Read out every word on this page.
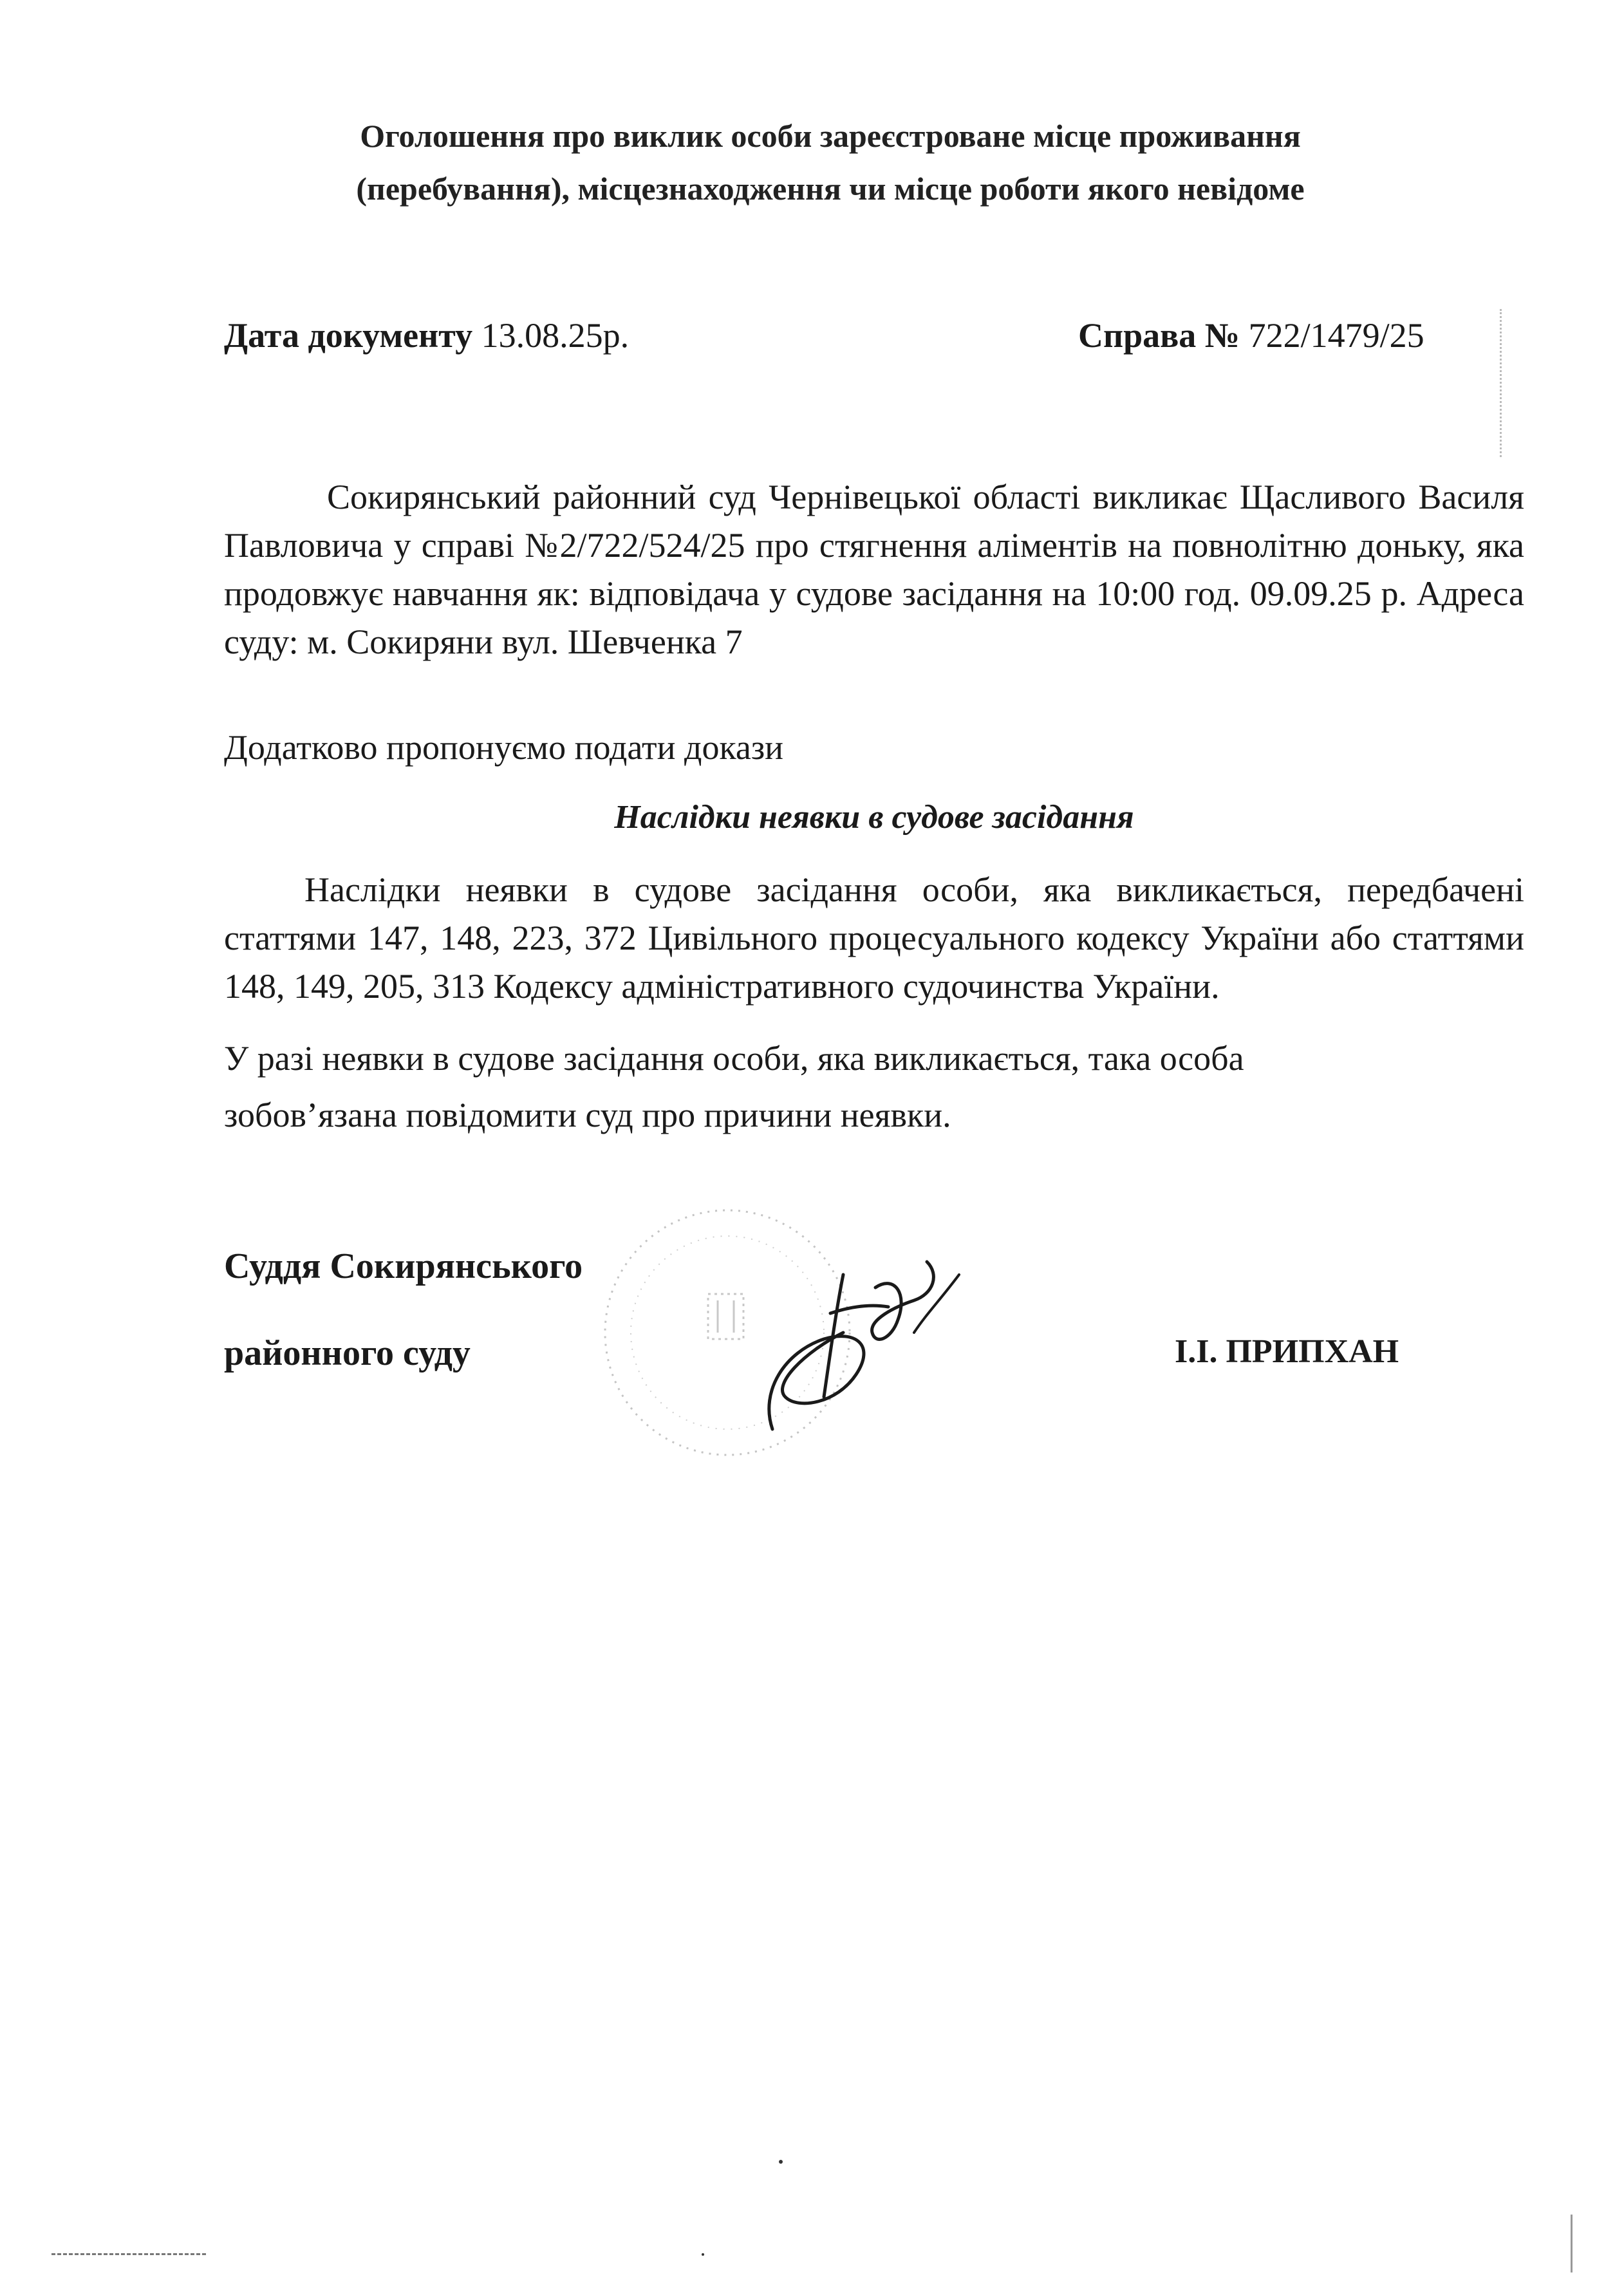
Оголошення про виклик особи зареєстроване місце проживання
(перебування), місцезнаходження чи місце роботи якого невідоме
Дата документу 13.08.25р.	Справа № 722/1479/25
Сокирянський районний суд Чернівецької області викликає Щасливого Василя Павловича у справі №2/722/524/25 про стягнення аліментів на повнолітню доньку, яка продовжує навчання як: відповідача у судове засідання на 10:00 год. 09.09.25 р. Адреса суду: м. Сокиряни вул. Шевченка 7
Додатково пропонуємо подати докази
Наслідки неявки в судове засідання
Наслідки неявки в судове засідання особи, яка викликається, передбачені статтями 147, 148, 223, 372 Цивільного процесуального кодексу України або статтями 148, 149, 205, 313 Кодексу адміністративного судочинства України.
У разі неявки в судове засідання особи, яка викликається, така особа
зобов’язана повідомити суд про причини неявки.
Суддя Сокирянського
районного суду	І.І. ПРИПХАН
